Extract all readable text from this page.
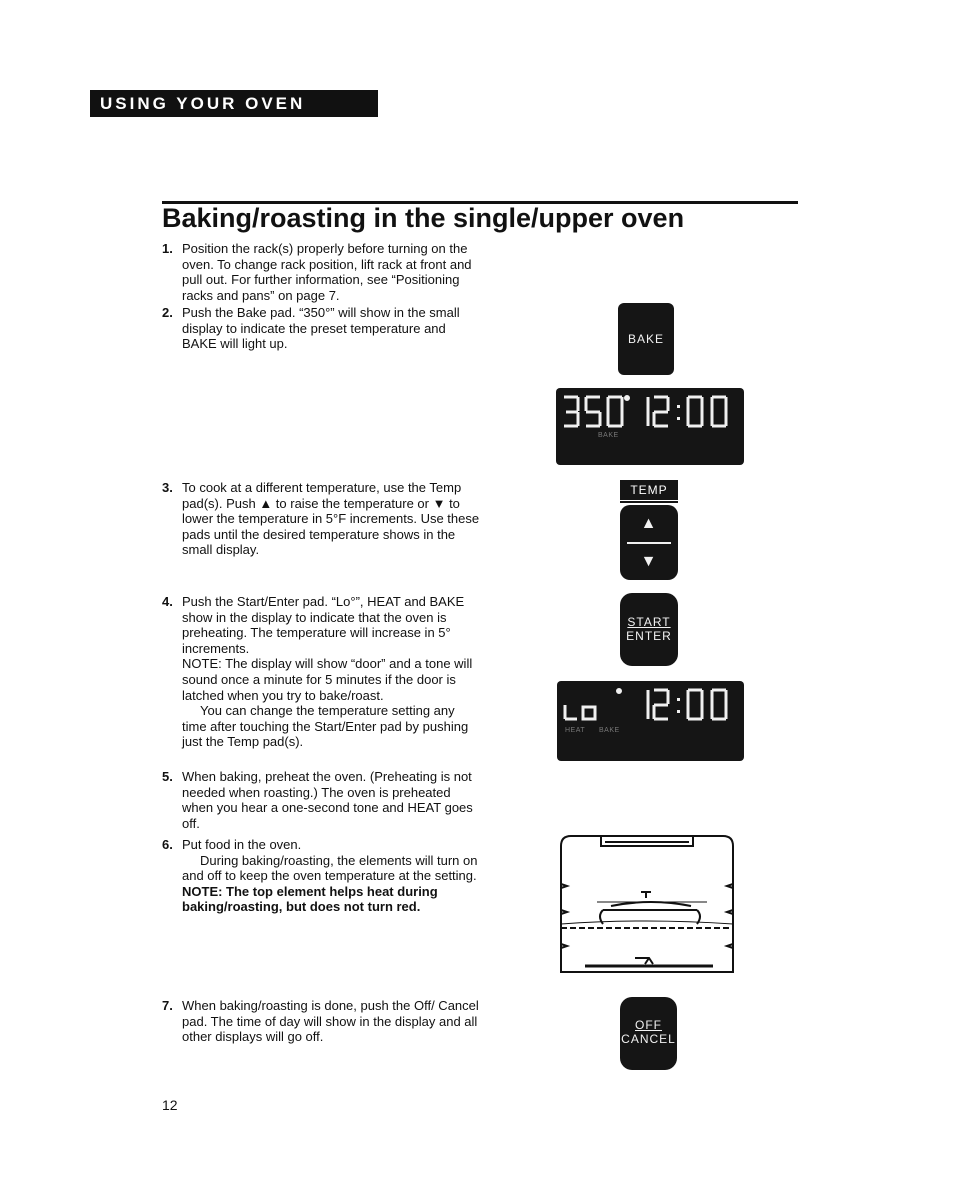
USING YOUR OVEN
Baking/roasting in the single/upper oven
1. Position the rack(s) properly before turning on the oven. To change rack position, lift rack at front and pull out. For further information, see “Positioning racks and pans” on page 7.

2. Push the Bake pad. “350°” will show in the small display to indicate the preset temperature and BAKE will light up.

3. To cook at a different temperature, use the Temp pad(s). Push ▲ to raise the temperature or ▼ to lower the temperature in 5°F increments. Use these pads until the desired temperature shows in the small display.

4. Push the Start/Enter pad. “Lo°”, HEAT and BAKE show in the display to indicate that the oven is preheating. The temperature will increase in 5° increments.

NOTE: The display will show “door” and a tone will sound once a minute for 5 minutes if the door is latched when you try to bake/roast.

You can change the temperature setting any time after touching the Start/Enter pad by pushing just the Temp pad(s).

5. When baking, preheat the oven. (Preheating is not needed when roasting.) The oven is preheated when you hear a one-second tone and HEAT goes off.

6. Put food in the oven.

During baking/roasting, the elements will turn on and off to keep the oven temperature at the setting.

NOTE: The top element helps heat during baking/roasting, but does not turn red.

7. When baking/roasting is done, push the Off/ Cancel pad. The time of day will show in the display and all other displays will go off.

BAKE
BAKE
TEMP
▲
▼
START
ENTER
HEAT BAKE
OFF
CANCEL
12
